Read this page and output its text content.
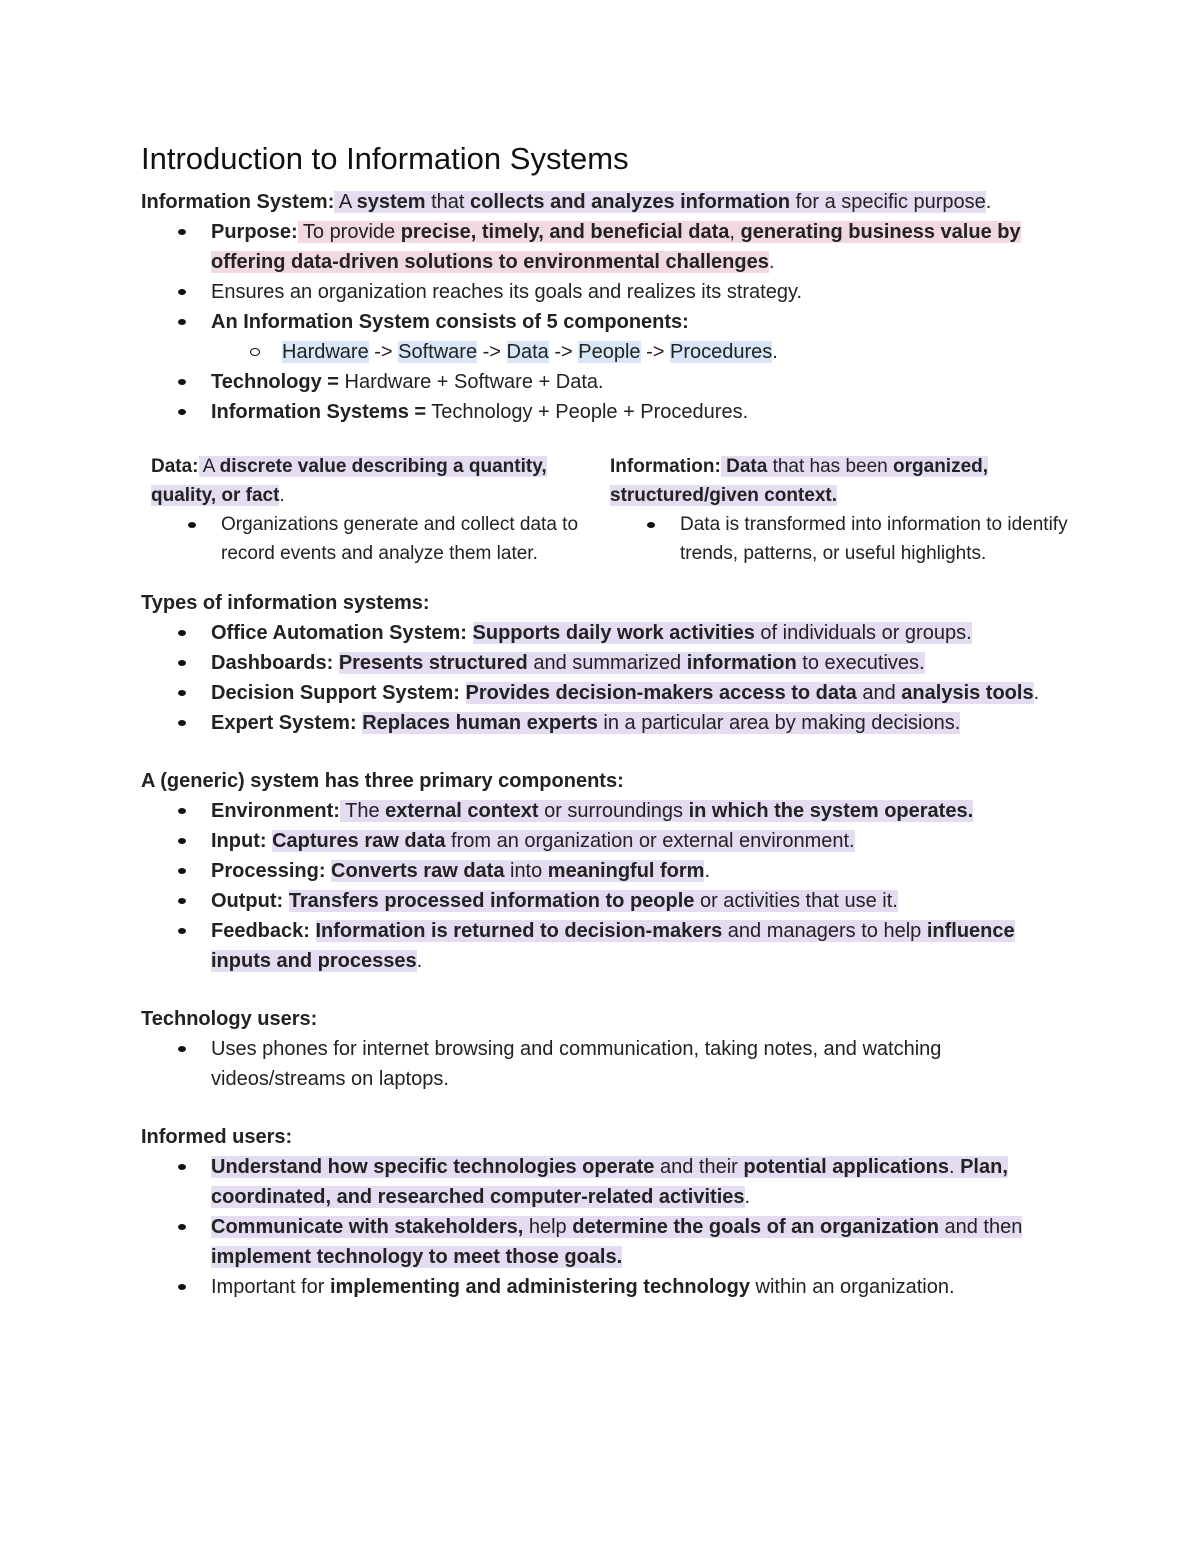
Introduction to Information Systems

Information System: A system that collects and analyzes information for a specific purpose.

Purpose: To provide precise, timely, and beneficial data, generating business value by offering data-driven solutions to environmental challenges.
Ensures an organization reaches its goals and realizes its strategy.
An Information System consists of 5 components:
Hardware -> Software -> Data -> People -> Procedures.
Technology = Hardware + Software + Data.
Information Systems = Technology + People + Procedures.

Data: A discrete value describing a quantity, quality, or fact.

Organizations generate and collect data to record events and analyze them later.

Information: Data that has been organized, structured/given context.

Data is transformed into information to identify trends, patterns, or useful highlights.

Types of information systems:

Office Automation System: Supports daily work activities of individuals or groups.
Dashboards: Presents structured and summarized information to executives.
Decision Support System: Provides decision-makers access to data and analysis tools.
Expert System: Replaces human experts in a particular area by making decisions.

A (generic) system has three primary components:

Environment: The external context or surroundings in which the system operates.
Input: Captures raw data from an organization or external environment.
Processing: Converts raw data into meaningful form.
Output: Transfers processed information to people or activities that use it.
Feedback: Information is returned to decision-makers and managers to help influence inputs and processes.

Technology users:

Uses phones for internet browsing and communication, taking notes, and watching videos/streams on laptops.

Informed users:

Understand how specific technologies operate and their potential applications. Plan, coordinated, and researched computer-related activities.
Communicate with stakeholders, help determine the goals of an organization and then implement technology to meet those goals.
Important for implementing and administering technology within an organization.
